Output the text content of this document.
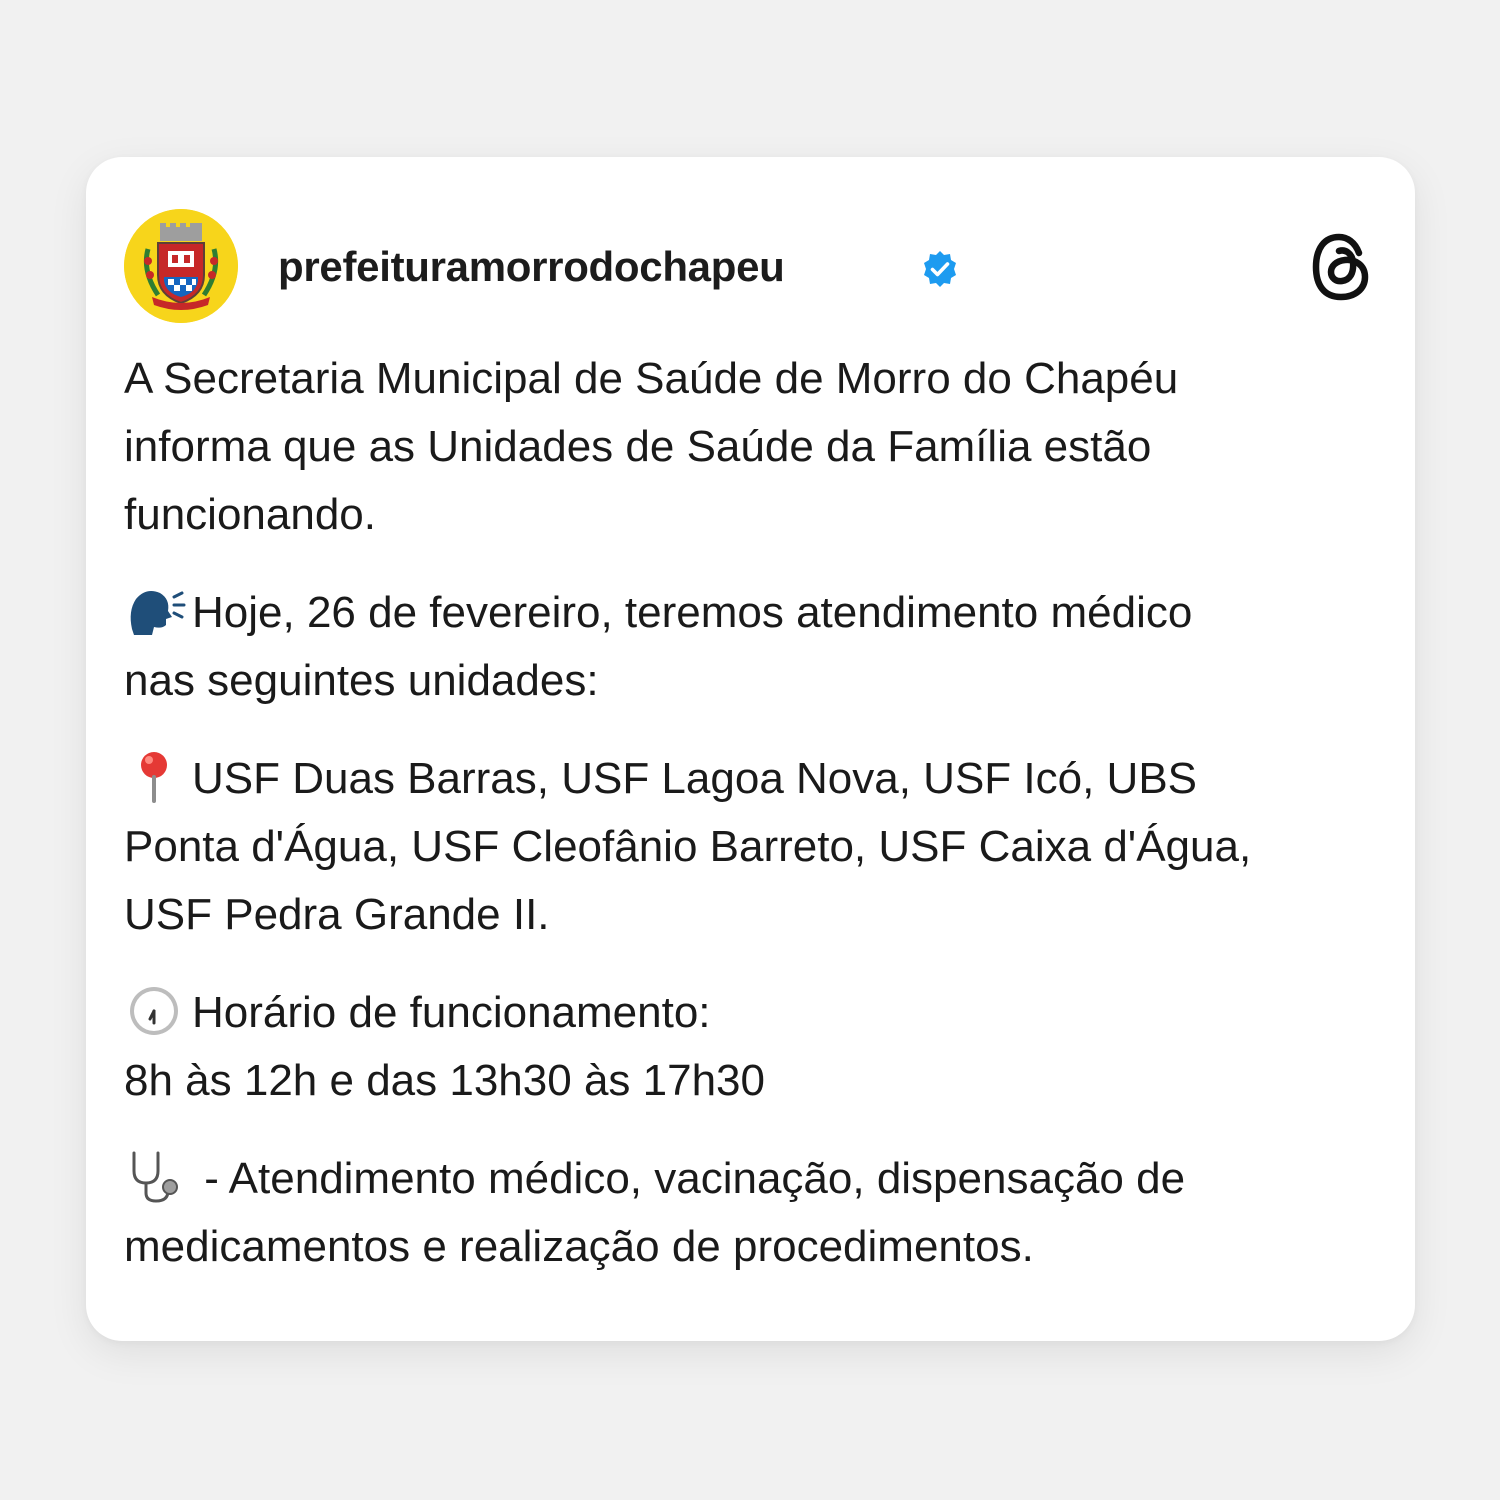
prefeituramorrodochapeu

A Secretaria Municipal de Saúde de Morro do Chapéu
informa que as Unidades de Saúde da Família estão
funcionando.

Hoje, 26 de fevereiro, teremos atendimento médico
nas seguintes unidades:

USF Duas Barras, USF Lagoa Nova, USF Icó, UBS
Ponta d'Água, USF Cleofânio Barreto, USF Caixa d'Água,
USF Pedra Grande II.

Horário de funcionamento:
8h às 12h e das 13h30 às 17h30

- Atendimento médico, vacinação, dispensação de
medicamentos e realização de procedimentos.
